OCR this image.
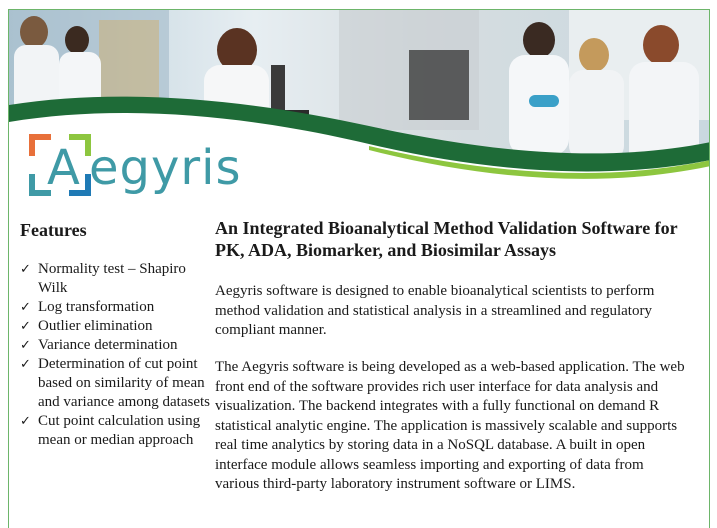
A egyris
Features
✓ Normality test – Shapiro Wilk
✓ Log transformation
✓ Outlier elimination
✓ Variance determination
✓ Determination of cut point based on similarity of mean and variance among datasets
✓ Cut point calculation using mean or median approach
An Integrated Bioanalytical Method Validation Software for PK, ADA, Biomarker, and Biosimilar Assays

Aegyris software is designed to enable bioanalytical scientists to perform method validation and statistical analysis in a streamlined and regulatory compliant manner.

The Aegyris software is being developed as a web-based application. The web front end of the software provides rich user interface for data analysis and visualization. The backend integrates with a fully functional on demand R statistical analytic engine. The application is massively scalable and supports real time analytics by storing data in a NoSQL database. A built in open interface module allows seamless importing and exporting of data from various third-party laboratory instrument software or LIMS.
